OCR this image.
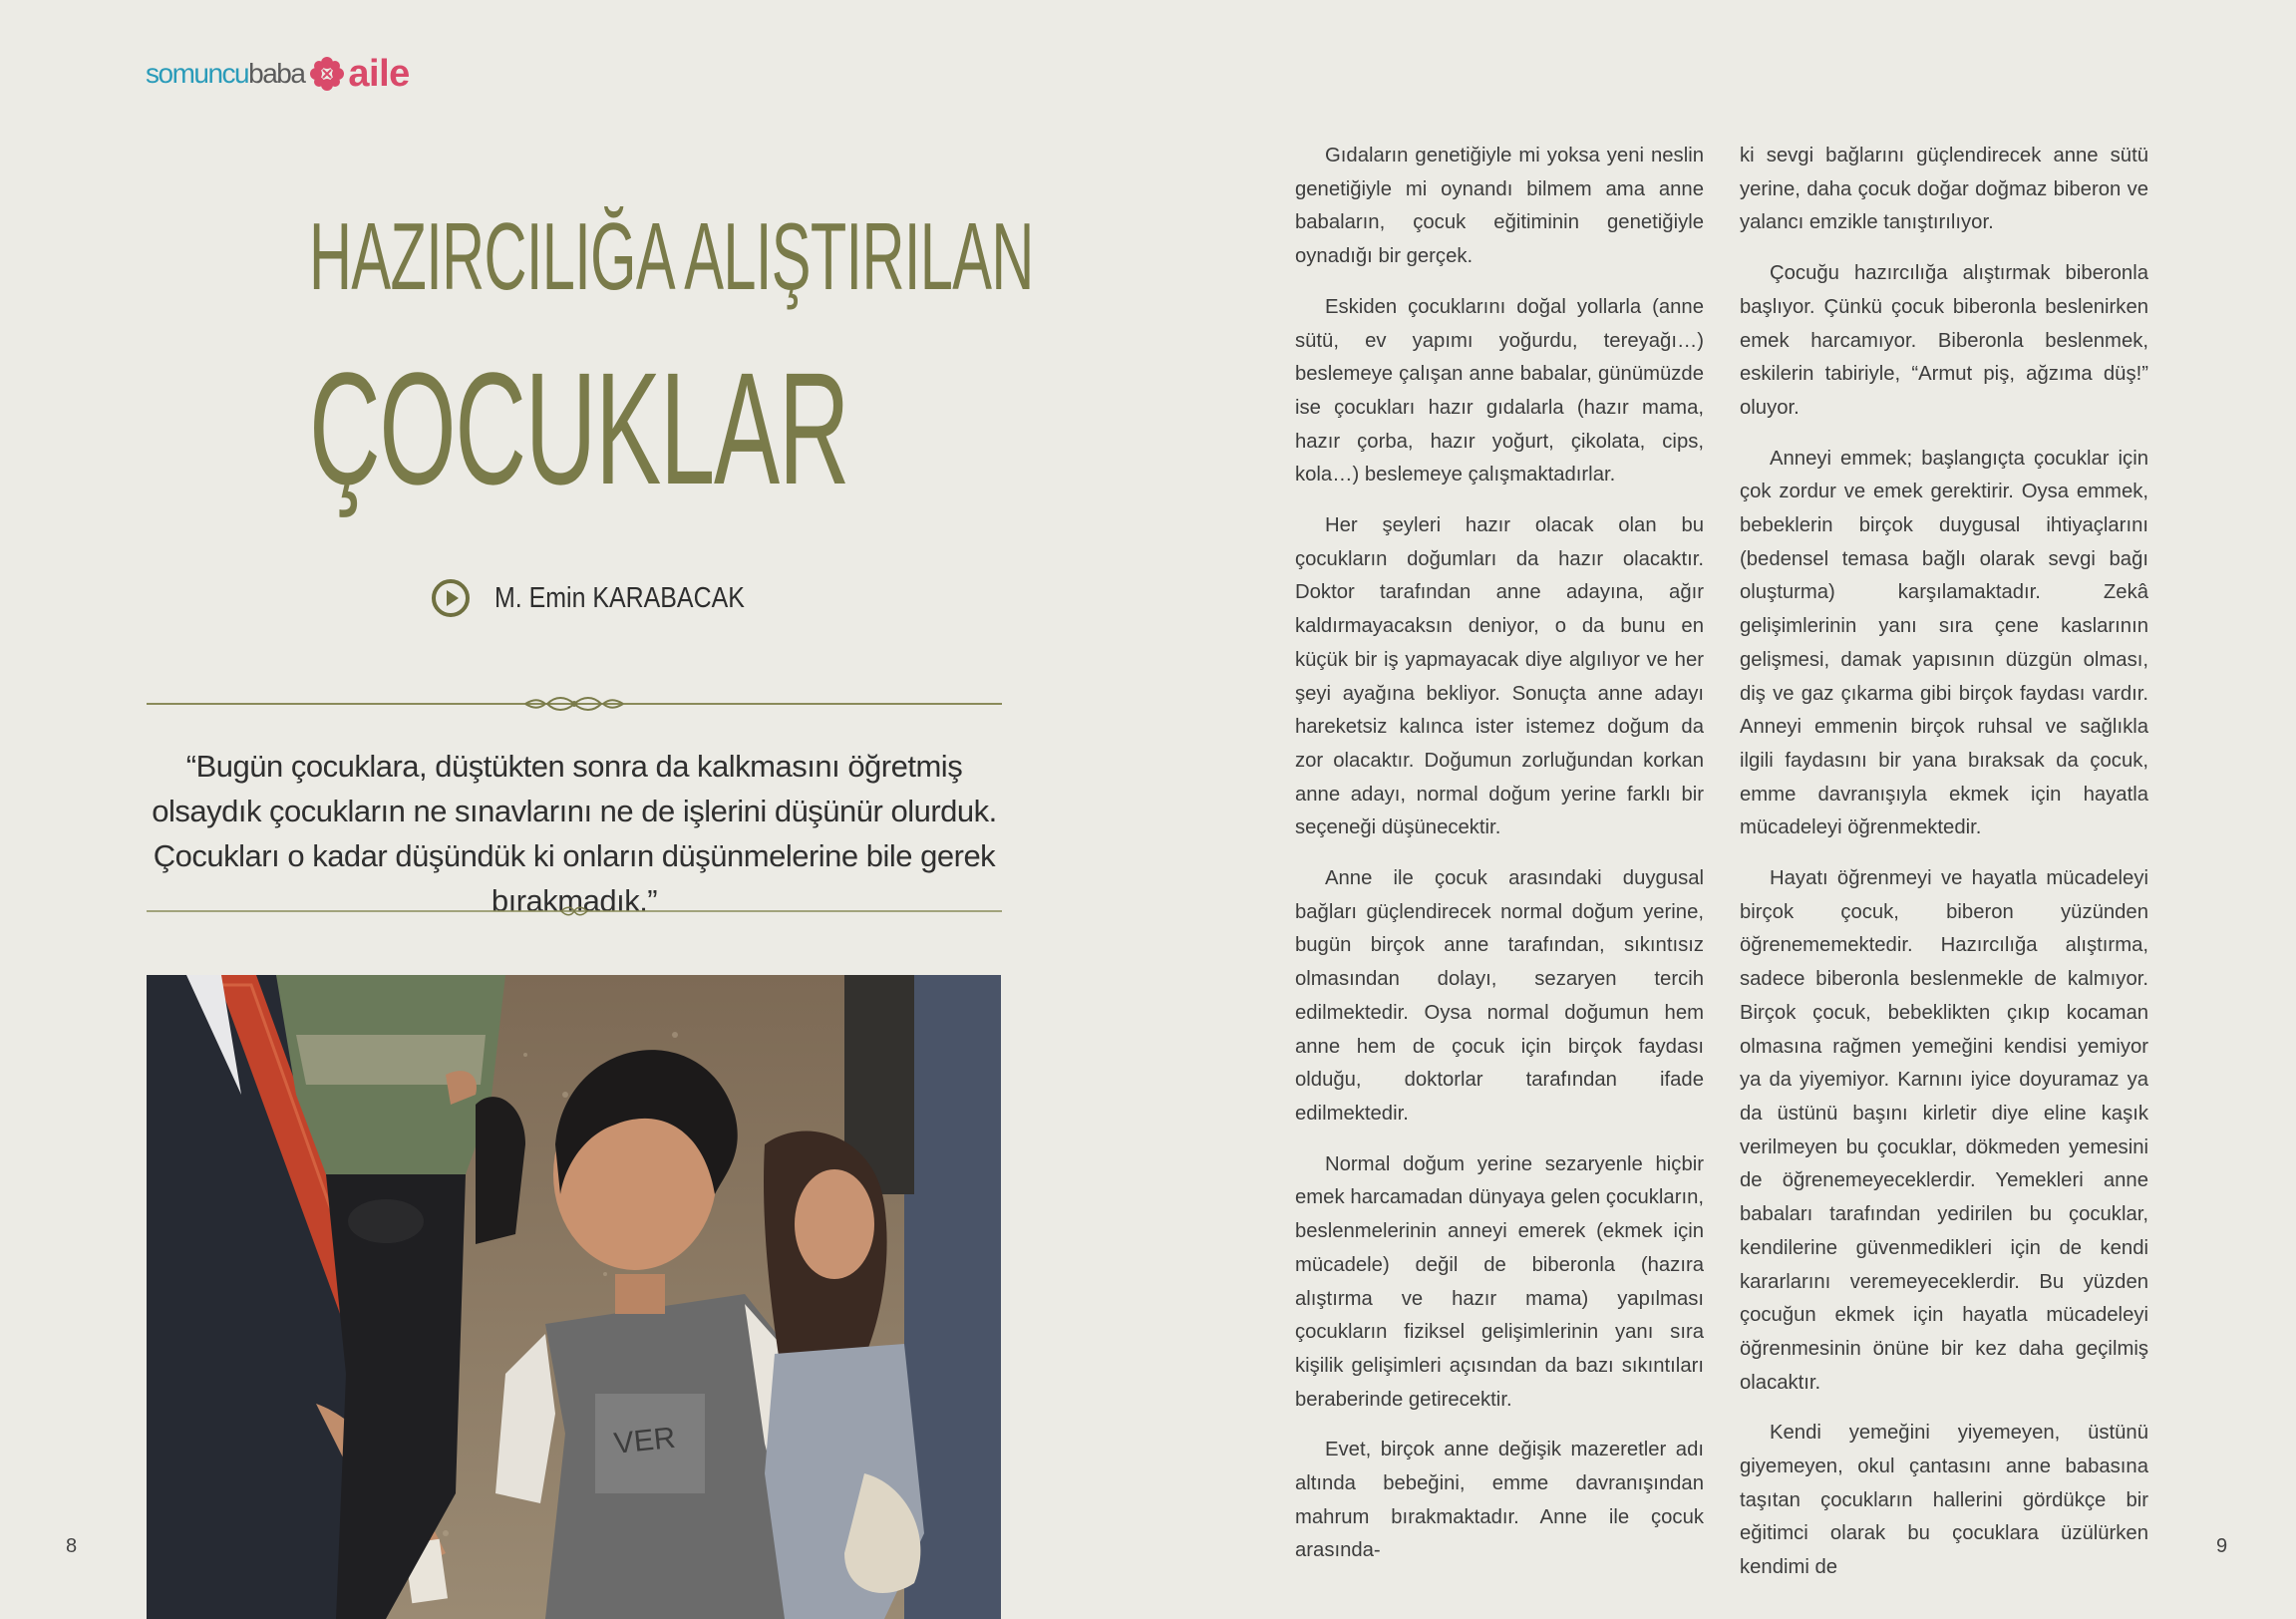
somuncu baba aile
HAZIRCILIĞA ALIŞTIRILAN
ÇOCUKLAR
M. Emin KARABACAK
“Bugün çocuklara, düştükten sonra da kalkmasını öğretmiş olsaydık çocukların ne sınavlarını ne de işlerini düşünür olurduk. Çocukları o kadar düşündük ki onların düşünmelerine bile gerek bırakmadık.”
VER
8	9

Gıdaların genetiğiyle mi yoksa yeni neslin genetiğiyle mi oynandı bilmem ama anne babaların, çocuk eğitiminin genetiğiyle oynadığı bir gerçek.

Eskiden çocuklarını doğal yollarla (anne sütü, ev yapımı yoğurdu, tereyağı…) beslemeye çalışan anne babalar, günümüzde ise çocukları hazır gıdalarla (hazır mama, hazır çorba, hazır yoğurt, çikolata, cips, kola…) beslemeye çalışmaktadırlar.

Her şeyleri hazır olacak olan bu çocukların doğumları da hazır olacaktır. Doktor tarafından anne adayına, ağır kaldırmayacaksın deniyor, o da bunu en küçük bir iş yapmayacak diye algılıyor ve her şeyi ayağına bekliyor. Sonuçta anne adayı hareketsiz kalınca ister istemez doğum da zor olacaktır. Doğumun zorluğundan korkan anne adayı, normal doğum yerine farklı bir seçeneği düşünecektir.

Anne ile çocuk arasındaki duygusal bağları güçlendirecek normal doğum yerine, bugün birçok anne tarafından, sıkıntısız olmasından dolayı, sezaryen tercih edilmektedir. Oysa normal doğumun hem anne hem de çocuk için birçok faydası olduğu, doktorlar tarafından ifade edilmektedir.

Normal doğum yerine sezaryenle hiçbir emek harcamadan dünyaya gelen çocukların, beslenmelerinin anneyi emerek (ekmek için mücadele) değil de biberonla (hazıra alıştırma ve hazır mama) yapılması çocukların fiziksel gelişimlerinin yanı sıra kişilik gelişimleri açısından da bazı sıkıntıları beraberinde getirecektir.

Evet, birçok anne değişik mazeretler adı altında bebeğini, emme davranışından mahrum bırakmaktadır. Anne ile çocuk arasında-

ki sevgi bağlarını güçlendirecek anne sütü yerine, daha çocuk doğar doğmaz biberon ve yalancı emzikle tanıştırılıyor.

Çocuğu hazırcılığa alıştırmak biberonla başlıyor. Çünkü çocuk biberonla beslenirken emek harcamıyor. Biberonla beslenmek, eskilerin tabiriyle, “Armut piş, ağzıma düş!” oluyor.

Anneyi emmek; başlangıçta çocuklar için çok zordur ve emek gerektirir. Oysa emmek, bebeklerin birçok duygusal ihtiyaçlarını (bedensel temasa bağlı olarak sevgi bağı oluşturma) karşılamaktadır. Zekâ gelişimlerinin yanı sıra çene kaslarının gelişmesi, damak yapısının düzgün olması, diş ve gaz çıkarma gibi birçok faydası vardır. Anneyi emmenin birçok ruhsal ve sağlıkla ilgili faydasını bir yana bıraksak da çocuk, emme davranışıyla ekmek için hayatla mücadeleyi öğrenmektedir.

Hayatı öğrenmeyi ve hayatla mücadeleyi birçok çocuk, biberon yüzünden öğrenememektedir. Hazırcılığa alıştırma, sadece biberonla beslenmekle de kalmıyor. Birçok çocuk, bebeklikten çıkıp kocaman olmasına rağmen yemeğini kendisi yemiyor ya da yiyemiyor. Karnını iyice doyuramaz ya da üstünü başını kirletir diye eline kaşık verilmeyen bu çocuklar, dökmeden yemesini de öğrenemeyeceklerdir. Yemekleri anne babaları tarafından yedirilen bu çocuklar, kendilerine güvenmedikleri için de kendi kararlarını veremeyeceklerdir. Bu yüzden çocuğun ekmek için hayatla mücadeleyi öğrenmesinin önüne bir kez daha geçilmiş olacaktır.

Kendi yemeğini yiyemeyen, üstünü giyemeyen, okul çantasını anne babasına taşıtan çocukların hallerini gördükçe bir eğitimci olarak bu çocuklara üzülürken kendimi de
